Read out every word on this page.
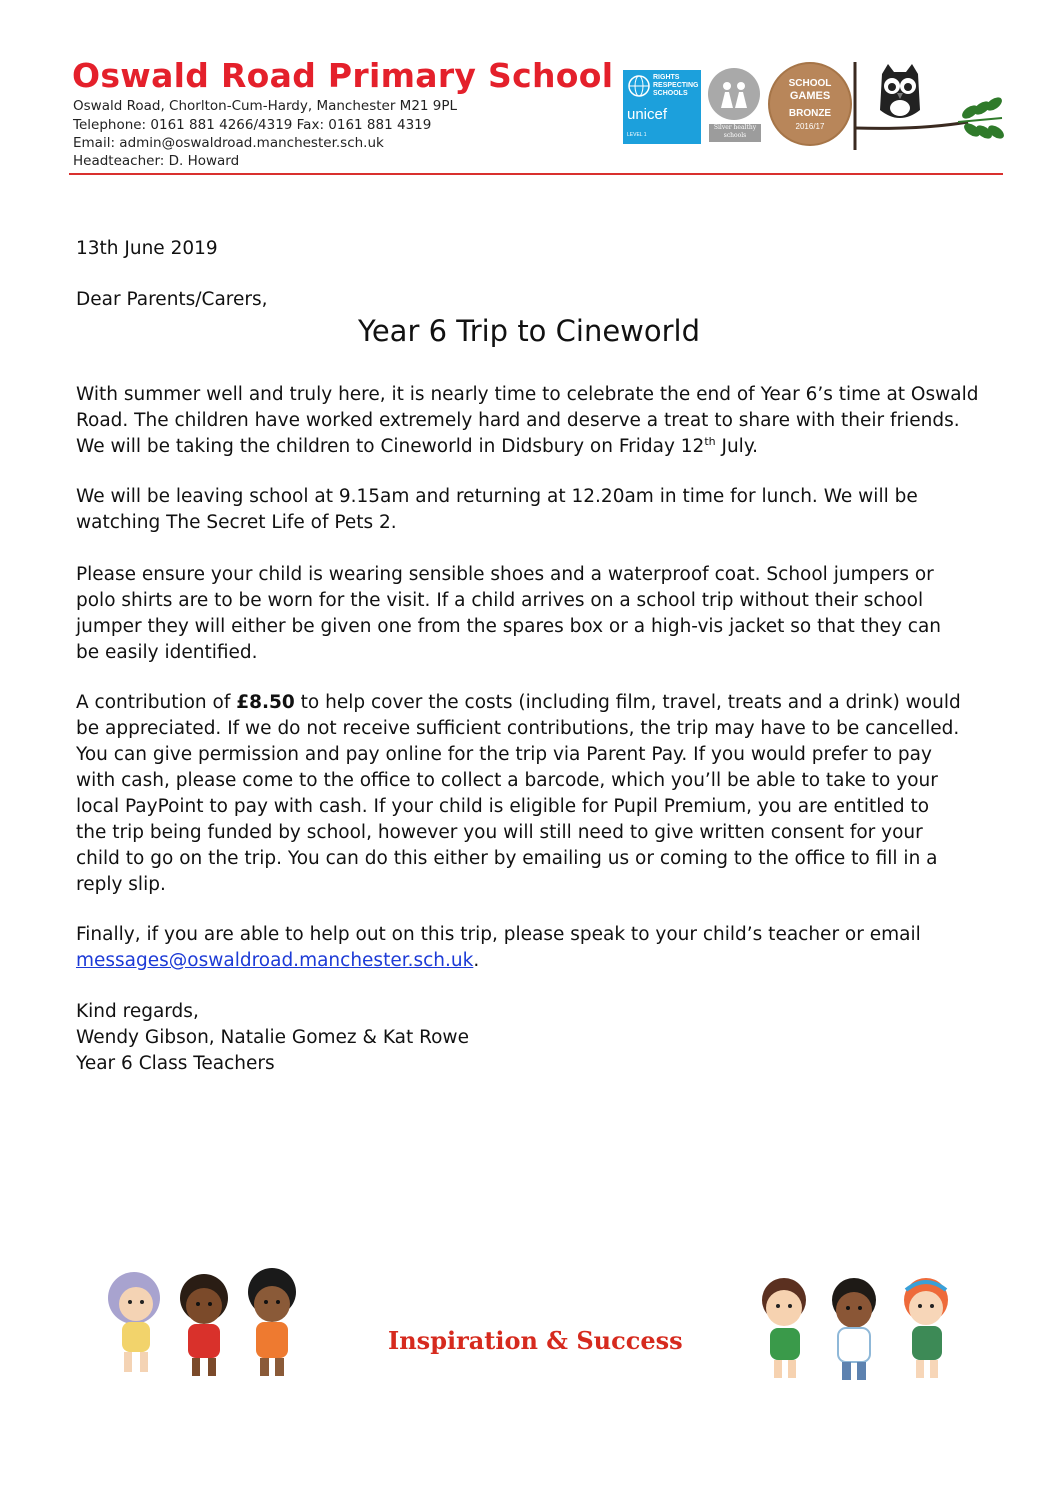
Oswald Road Primary School
Oswald Road, Chorlton-Cum-Hardy, Manchester M21 9PL
Telephone: 0161 881 4266/4319 Fax: 0161 881 4319
Email: admin@oswaldroad.manchester.sch.uk
Headteacher: D. Howard
RIGHTS
RESPECTING
SCHOOLS
unicef
LEVEL 1
Silver healthy schools
SCHOOL
GAMES
BRONZE
2016/17
13th June 2019
Dear Parents/Carers,
Year 6 Trip to Cineworld
With summer well and truly here, it is nearly time to celebrate the end of Year 6’s time at Oswald
Road. The children have worked extremely hard and deserve a treat to share with their friends.
We will be taking the children to Cineworld in Didsbury on Friday 12th July.
We will be leaving school at 9.15am and returning at 12.20am in time for lunch. We will be
watching The Secret Life of Pets 2.
Please ensure your child is wearing sensible shoes and a waterproof coat. School jumpers or
polo shirts are to be worn for the visit. If a child arrives on a school trip without their school
jumper they will either be given one from the spares box or a high-vis jacket so that they can
be easily identified.
A contribution of £8.50 to help cover the costs (including film, travel, treats and a drink) would
be appreciated. If we do not receive sufficient contributions, the trip may have to be cancelled.
You can give permission and pay online for the trip via Parent Pay. If you would prefer to pay
with cash, please come to the office to collect a barcode, which you’ll be able to take to your
local PayPoint to pay with cash. If your child is eligible for Pupil Premium, you are entitled to
the trip being funded by school, however you will still need to give written consent for your
child to go on the trip. You can do this either by emailing us or coming to the office to fill in a
reply slip.
Finally, if you are able to help out on this trip, please speak to your child’s teacher or email
messages@oswaldroad.manchester.sch.uk.
Kind regards,
Wendy Gibson, Natalie Gomez & Kat Rowe
Year 6 Class Teachers
Inspiration & Success
